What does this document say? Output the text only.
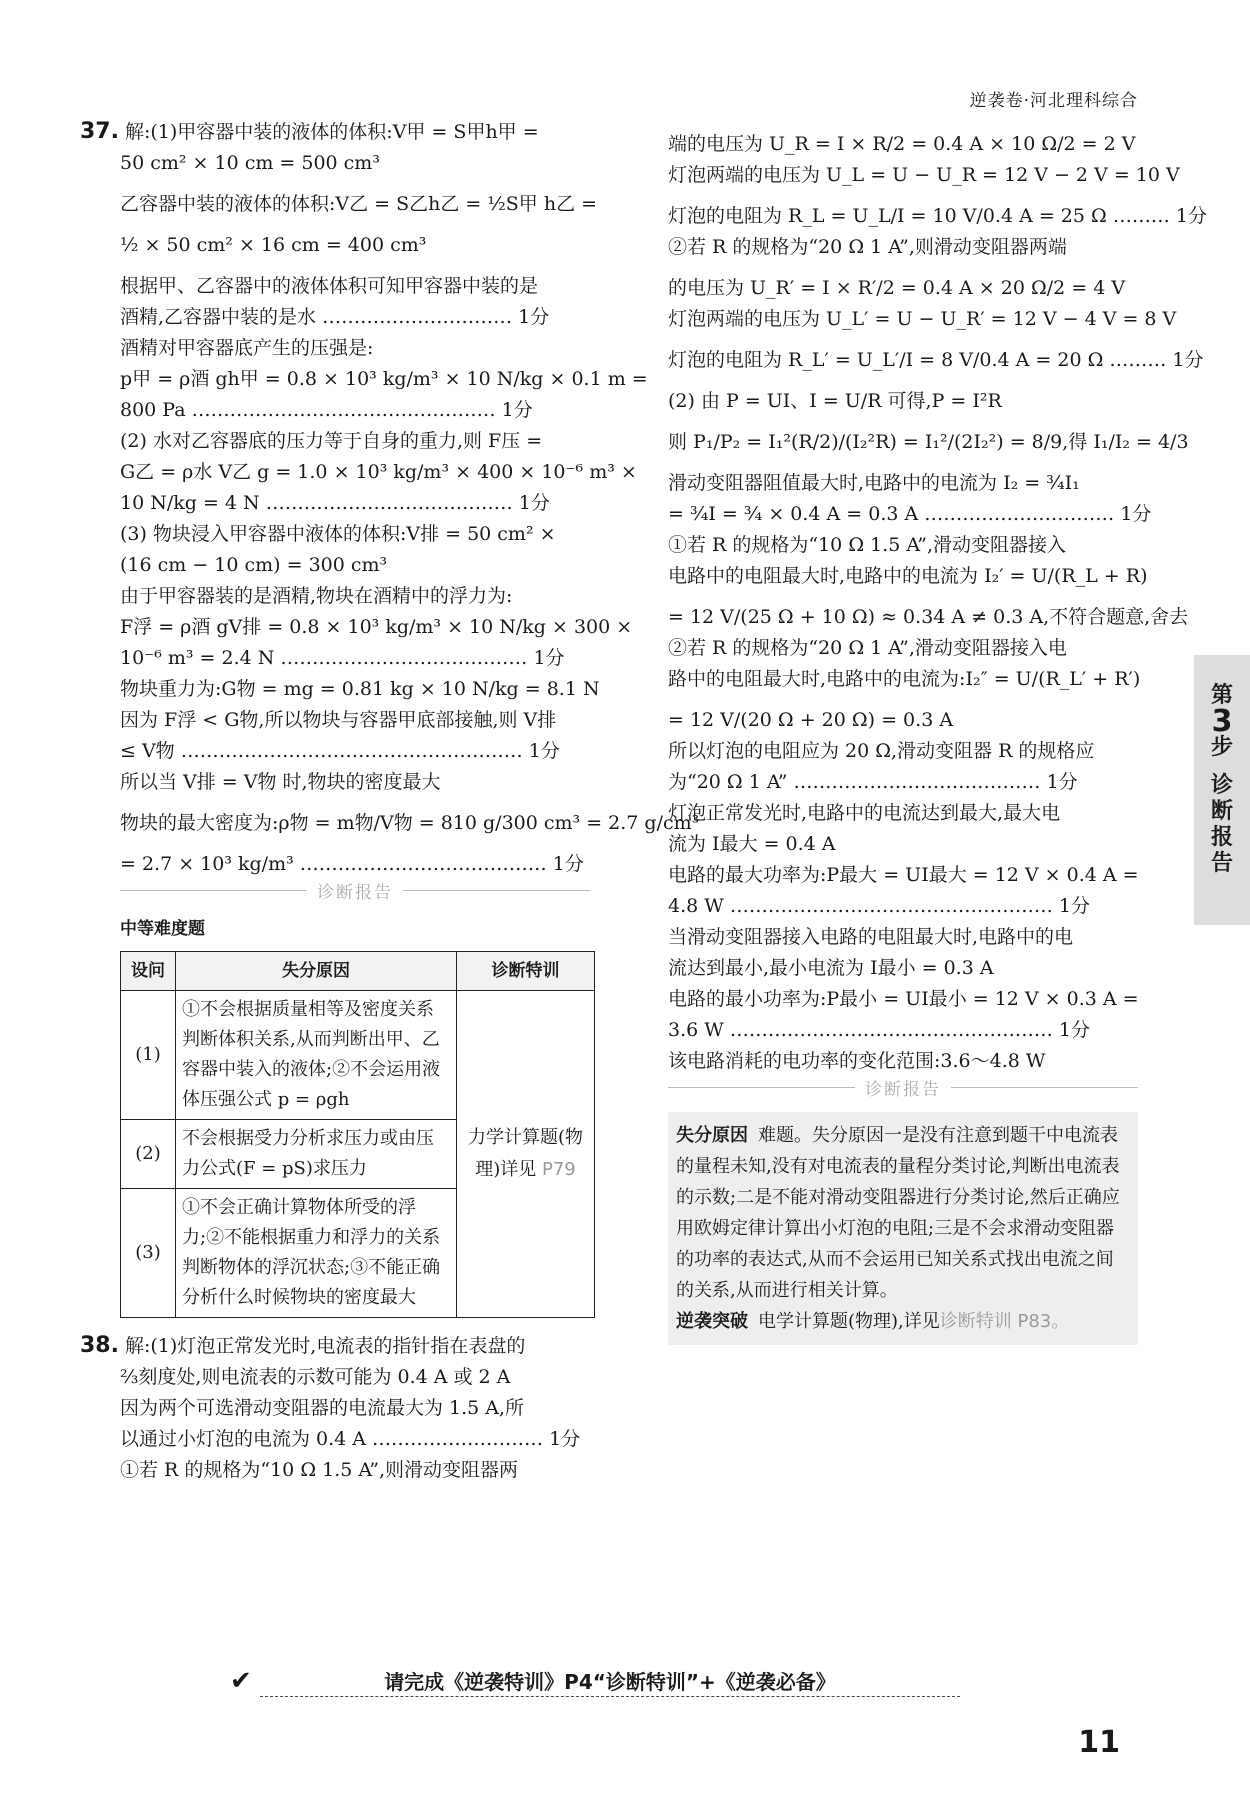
逆袭卷·河北理科综合
37. 解:(1)甲容器中装的液体的体积:V甲 = S甲h甲 =
50 cm² × 10 cm = 500 cm³
乙容器中装的液体的体积:V乙 = S乙h乙 = ½S甲 h乙 =
½ × 50 cm² × 16 cm = 400 cm³
根据甲、乙容器中的液体体积可知甲容器中装的是
酒精,乙容器中装的是水 ………………………… 1分
酒精对甲容器底产生的压强是:
p甲 = ρ酒 gh甲 = 0.8 × 10³ kg/m³ × 10 N/kg × 0.1 m =
800 Pa ………………………………………… 1分
(2) 水对乙容器底的压力等于自身的重力,则 F压 =
G乙 = ρ水 V乙 g = 1.0 × 10³ kg/m³ × 400 × 10⁻⁶ m³ ×
10 N/kg = 4 N ………………………………… 1分
(3) 物块浸入甲容器中液体的体积:V排 = 50 cm² ×
(16 cm − 10 cm) = 300 cm³
由于甲容器装的是酒精,物块在酒精中的浮力为:
F浮 = ρ酒 gV排 = 0.8 × 10³ kg/m³ × 10 N/kg × 300 ×
10⁻⁶ m³ = 2.4 N ………………………………… 1分
物块重力为:G物 = mg = 0.81 kg × 10 N/kg = 8.1 N
因为 F浮 < G物,所以物块与容器甲底部接触,则 V排
≤ V物 ……………………………………………… 1分
所以当 V排 = V物 时,物块的密度最大
物块的最大密度为:ρ物 = m物/V物 = 810 g/300 cm³ = 2.7 g/cm³
= 2.7 × 10³ kg/m³ ………………………………… 1分
诊断报告
中等难度题
设问	失分原因	诊断特训
(1)	①不会根据质量相等及密度关系判断体积关系,从而判断出甲、乙容器中装入的液体;②不会运用液体压强公式 p = ρgh	力学计算题(物理)详见 P79
(2)	不会根据受力分析求压力或由压力公式(F = pS)求压力	
(3)	①不会正确计算物体所受的浮力;②不能根据重力和浮力的关系判断物体的浮沉状态;③不能正确分析什么时候物块的密度最大	
38. 解:(1)灯泡正常发光时,电流表的指针指在表盘的
⅔刻度处,则电流表的示数可能为 0.4 A 或 2 A
因为两个可选滑动变阻器的电流最大为 1.5 A,所
以通过小灯泡的电流为 0.4 A ……………………… 1分
①若 R 的规格为“10 Ω 1.5 A”,则滑动变阻器两
端的电压为 U_R = I × R/2 = 0.4 A × 10 Ω/2 = 2 V
灯泡两端的电压为 U_L = U − U_R = 12 V − 2 V = 10 V
灯泡的电阻为 R_L = U_L/I = 10 V/0.4 A = 25 Ω ……… 1分
②若 R 的规格为“20 Ω 1 A”,则滑动变阻器两端
的电压为 U_R′ = I × R′/2 = 0.4 A × 20 Ω/2 = 4 V
灯泡两端的电压为 U_L′ = U − U_R′ = 12 V − 4 V = 8 V
灯泡的电阻为 R_L′ = U_L′/I = 8 V/0.4 A = 20 Ω ……… 1分
(2) 由 P = UI、I = U/R 可得,P = I²R
则 P₁/P₂ = I₁²(R/2)/(I₂²R) = I₁²/(2I₂²) = 8/9,得 I₁/I₂ = 4/3
滑动变阻器阻值最大时,电路中的电流为 I₂ = ¾I₁
= ¾I = ¾ × 0.4 A = 0.3 A ………………………… 1分
①若 R 的规格为“10 Ω 1.5 A”,滑动变阻器接入
电路中的电阻最大时,电路中的电流为 I₂′ = U/(R_L + R)
= 12 V/(25 Ω + 10 Ω) ≈ 0.34 A ≠ 0.3 A,不符合题意,舍去
②若 R 的规格为“20 Ω 1 A”,滑动变阻器接入电
路中的电阻最大时,电路中的电流为:I₂″ = U/(R_L′ + R′)
= 12 V/(20 Ω + 20 Ω) = 0.3 A
所以灯泡的电阻应为 20 Ω,滑动变阻器 R 的规格应
为“20 Ω 1 A” ………………………………… 1分
灯泡正常发光时,电路中的电流达到最大,最大电
流为 I最大 = 0.4 A
电路的最大功率为:P最大 = UI最大 = 12 V × 0.4 A =
4.8 W …………………………………………… 1分
当滑动变阻器接入电路的电阻最大时,电路中的电
流达到最小,最小电流为 I最小 = 0.3 A
电路的最小功率为:P最小 = UI最小 = 12 V × 0.3 A =
3.6 W …………………………………………… 1分
该电路消耗的电功率的变化范围:3.6～4.8 W
诊断报告
失分原因 难题。失分原因一是没有注意到题干中电流表的量程未知,没有对电流表的量程分类讨论,判断出电流表的示数;二是不能对滑动变阻器进行分类讨论,然后正确应用欧姆定律计算出小灯泡的电阻;三是不会求滑动变阻器的功率的表达式,从而不会运用已知关系式找出电流之间的关系,从而进行相关计算。
逆袭突破 电学计算题(物理),详见诊断特训 P83。
第
3
步
诊
断
报
告
✔	请完成《逆袭特训》P4“诊断特训”+《逆袭必备》
11
